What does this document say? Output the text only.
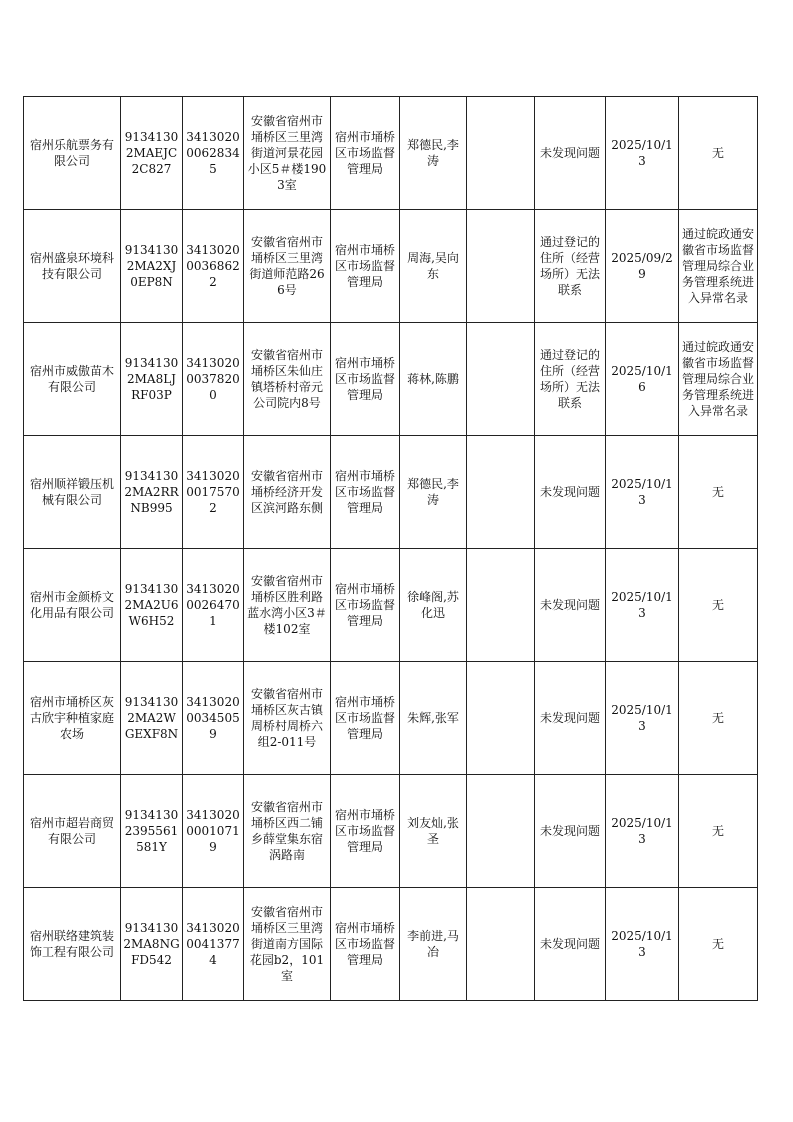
宿州乐航票务有限公司	91341302MAEJC2C827	341302000628345	安徽省宿州市埇桥区三里湾街道河景花园小区5＃楼1903室	宿州市埇桥区市场监督管理局	郑德民,李涛		未发现问题	2025/10/13	无
宿州盛泉环境科技有限公司	91341302MA2XJ0EP8N	341302000368622	安徽省宿州市埇桥区三里湾街道师范路266号	宿州市埇桥区市场监督管理局	周海,吴向东		通过登记的住所（经营场所）无法联系	2025/09/29	通过皖政通安徽省市场监督管理局综合业务管理系统进入异常名录
宿州市威傲苗木有限公司	91341302MA8LJRF03P	341302000378200	安徽省宿州市埇桥区朱仙庄镇塔桥村帝元公司院内8号	宿州市埇桥区市场监督管理局	蒋林,陈鹏		通过登记的住所（经营场所）无法联系	2025/10/16	通过皖政通安徽省市场监督管理局综合业务管理系统进入异常名录
宿州顺祥锻压机械有限公司	91341302MA2RRNB995	341302000175702	安徽省宿州市埇桥经济开发区滨河路东侧	宿州市埇桥区市场监督管理局	郑德民,李涛		未发现问题	2025/10/13	无
宿州市金颜桥文化用品有限公司	91341302MA2U6W6H52	341302000264701	安徽省宿州市埇桥区胜利路蓝水湾小区3＃楼102室	宿州市埇桥区市场监督管理局	徐峰阁,苏化迅		未发现问题	2025/10/13	无
宿州市埇桥区灰古欣宇种植家庭农场	91341302MA2WGEXF8N	341302000345059	安徽省宿州市埇桥区灰古镇周桥村周桥六组2-011号	宿州市埇桥区市场监督管理局	朱辉,张军		未发现问题	2025/10/13	无
宿州市超岩商贸有限公司	9134130239556​1581Y	341302000010719	安徽省宿州市埇桥区西二铺乡薛堂集东宿涡路南	宿州市埇桥区市场监督管理局	刘友灿,张圣		未发现问题	2025/10/13	无
宿州联络建筑装饰工程有限公司	91341302MA8NGFD542	341302000413774	安徽省宿州市埇桥区三里湾街道南方国际花园b2，101室	宿州市埇桥区市场监督管理局	李前进,马冶		未发现问题	2025/10/13	无
